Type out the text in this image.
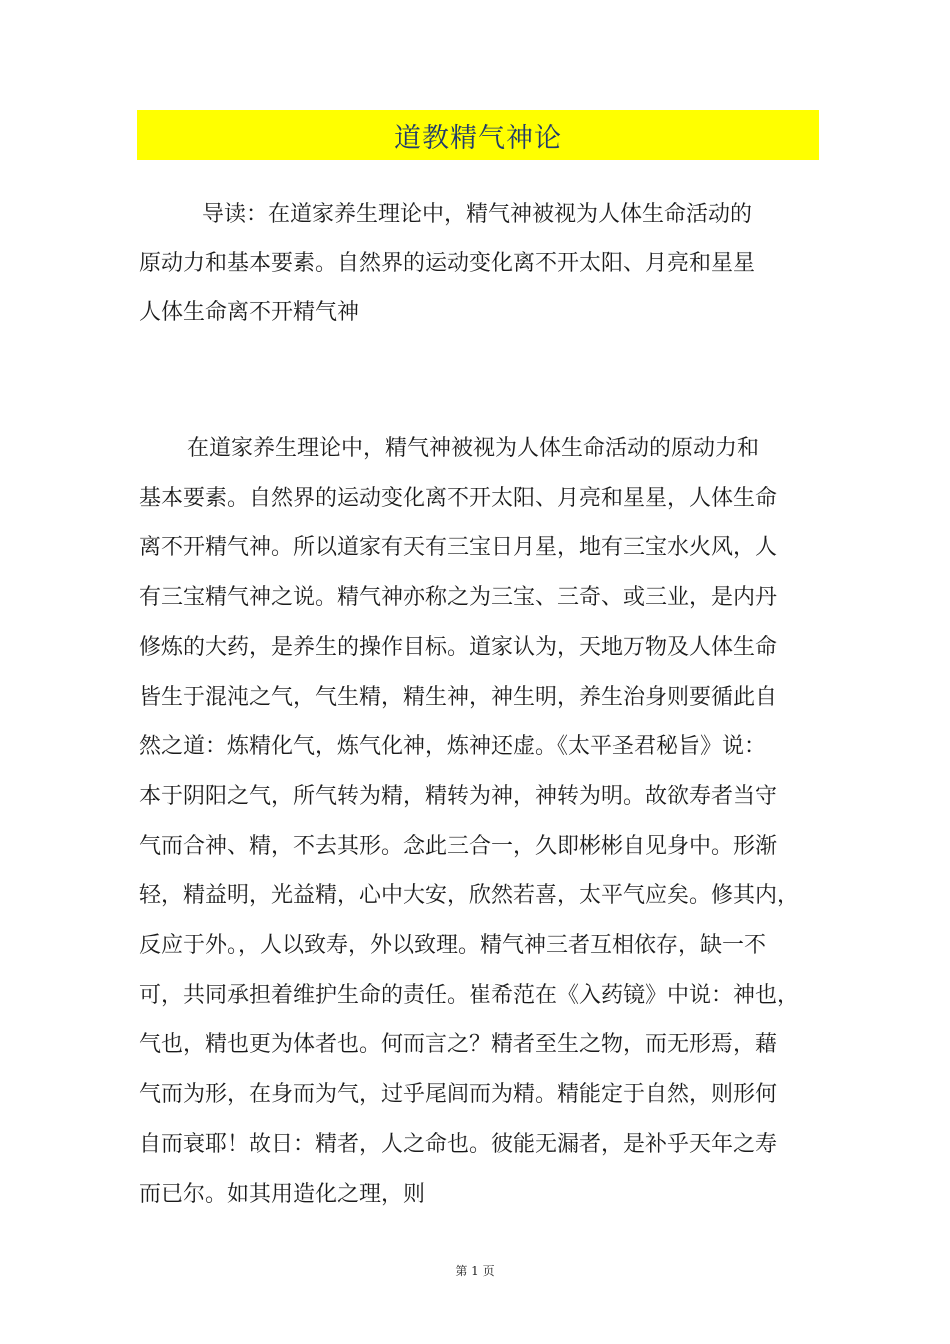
道教精气神论
导读：在道家养生理论中，精气神被视为人体生命活动的
原动力和基本要素。自然界的运动变化离不开太阳、月亮和星星
人体生命离不开精气神
在道家养生理论中，精气神被视为人体生命活动的原动力和
基本要素。自然界的运动变化离不开太阳、月亮和星星，人体生命
离不开精气神。所以道家有天有三宝日月星，地有三宝水火风，人
有三宝精气神之说。精气神亦称之为三宝、三奇、或三业，是内丹
修炼的大药，是养生的操作目标。道家认为，天地万物及人体生命
皆生于混沌之气，气生精，精生神，神生明，养生治身则要循此自
然之道：炼精化气，炼气化神，炼神还虚。《太平圣君秘旨》说：
本于阴阳之气，所气转为精，精转为神，神转为明。故欲寿者当守
气而合神、精，不去其形。念此三合一，久即彬彬自见身中。形渐
轻，精益明，光益精，心中大安，欣然若喜，太平气应矣。修其内，
反应于外。，人以致寿，外以致理。精气神三者互相依存，缺一不
可，共同承担着维护生命的责任。崔希范在《入药镜》中说：神也，
气也，精也更为体者也。何而言之？精者至生之物，而无形焉，藉
气而为形，在身而为气，过乎尾闾而为精。精能定于自然，则形何
自而衰耶！故日：精者，人之命也。彼能无漏者，是补乎天年之寿
而已尔。如其用造化之理，则
第 1 页
